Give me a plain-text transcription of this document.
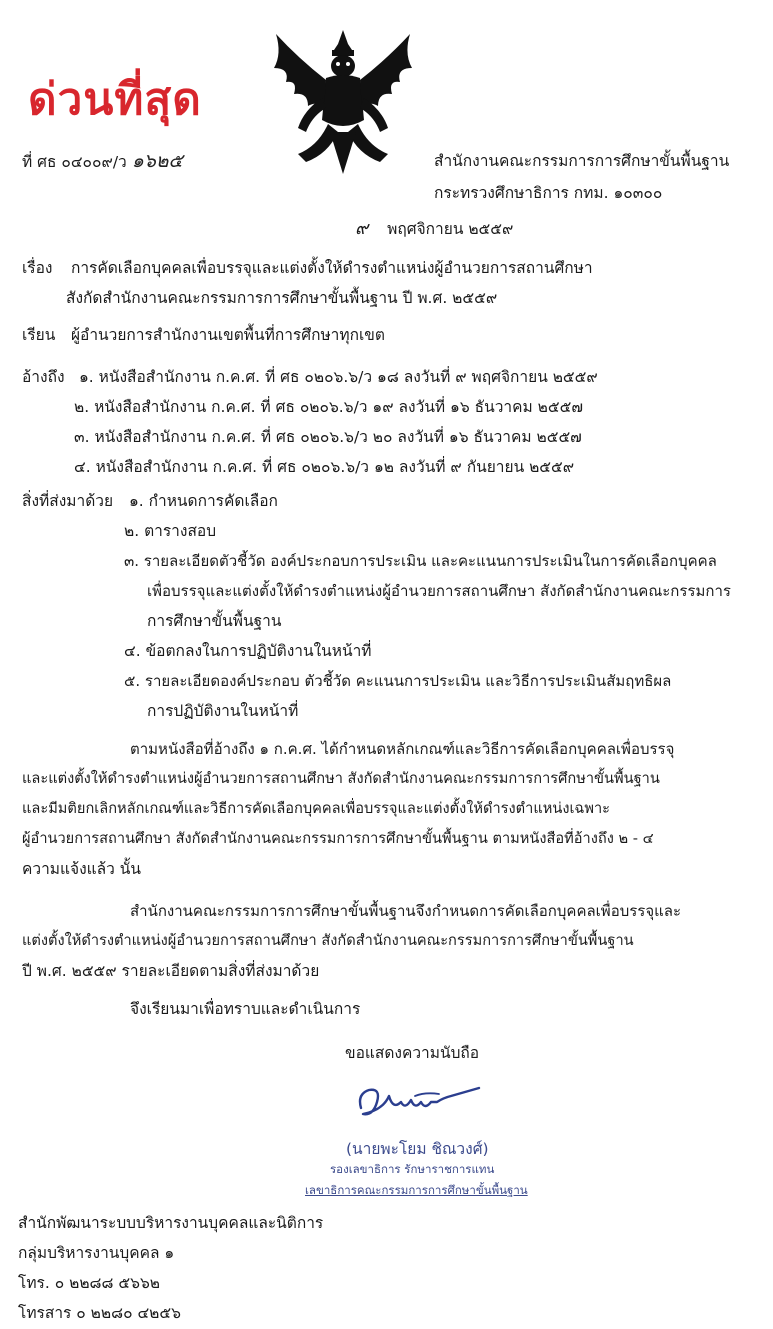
ด่วนที่สุด
ที่ ศธ ๐๔๐๐๙/ว ๑๖๒๕	สำนักงานคณะกรรมการการศึกษาขั้นพื้นฐาน
กระทรวงศึกษาธิการ กทม. ๑๐๓๐๐
๙ พฤศจิกายน ๒๕๕๙
เรื่อง การคัดเลือกบุคคลเพื่อบรรจุและแต่งตั้งให้ดำรงตำแหน่งผู้อำนวยการสถานศึกษา
สังกัดสำนักงานคณะกรรมการการศึกษาขั้นพื้นฐาน ปี พ.ศ. ๒๕๕๙
เรียน ผู้อำนวยการสำนักงานเขตพื้นที่การศึกษาทุกเขต
อ้างถึง ๑. หนังสือสำนักงาน ก.ค.ศ. ที่ ศธ ๐๒๐๖.๖/ว ๑๘ ลงวันที่ ๙ พฤศจิกายน ๒๕๕๙
๒. หนังสือสำนักงาน ก.ค.ศ. ที่ ศธ ๐๒๐๖.๖/ว ๑๙ ลงวันที่ ๑๖ ธันวาคม ๒๕๕๗
๓. หนังสือสำนักงาน ก.ค.ศ. ที่ ศธ ๐๒๐๖.๖/ว ๒๐ ลงวันที่ ๑๖ ธันวาคม ๒๕๕๗
๔. หนังสือสำนักงาน ก.ค.ศ. ที่ ศธ ๐๒๐๖.๖/ว ๑๒ ลงวันที่ ๙ กันยายน ๒๕๕๙
สิ่งที่ส่งมาด้วย ๑. กำหนดการคัดเลือก
๒. ตารางสอบ
๓. รายละเอียดตัวชี้วัด องค์ประกอบการประเมิน และคะแนนการประเมินในการคัดเลือกบุคคล
เพื่อบรรจุและแต่งตั้งให้ดำรงตำแหน่งผู้อำนวยการสถานศึกษา สังกัดสำนักงานคณะกรรมการ
การศึกษาขั้นพื้นฐาน
๔. ข้อตกลงในการปฏิบัติงานในหน้าที่
๕. รายละเอียดองค์ประกอบ ตัวชี้วัด คะแนนการประเมิน และวิธีการประเมินสัมฤทธิผล
การปฏิบัติงานในหน้าที่
ตามหนังสือที่อ้างถึง ๑ ก.ค.ศ. ได้กำหนดหลักเกณฑ์และวิธีการคัดเลือกบุคคลเพื่อบรรจุ
และแต่งตั้งให้ดำรงตำแหน่งผู้อำนวยการสถานศึกษา สังกัดสำนักงานคณะกรรมการการศึกษาขั้นพื้นฐาน
และมีมติยกเลิกหลักเกณฑ์และวิธีการคัดเลือกบุคคลเพื่อบรรจุและแต่งตั้งให้ดำรงตำแหน่งเฉพาะ
ผู้อำนวยการสถานศึกษา สังกัดสำนักงานคณะกรรมการการศึกษาขั้นพื้นฐาน ตามหนังสือที่อ้างถึง ๒ - ๔
ความแจ้งแล้ว นั้น
สำนักงานคณะกรรมการการศึกษาขั้นพื้นฐานจึงกำหนดการคัดเลือกบุคคลเพื่อบรรจุและ
แต่งตั้งให้ดำรงตำแหน่งผู้อำนวยการสถานศึกษา สังกัดสำนักงานคณะกรรมการการศึกษาขั้นพื้นฐาน
ปี พ.ศ. ๒๕๕๙ รายละเอียดตามสิ่งที่ส่งมาด้วย
จึงเรียนมาเพื่อทราบและดำเนินการ
ขอแสดงความนับถือ
(นายพะโยม ชิณวงศ์)
รองเลขาธิการ รักษาราชการแทน
เลขาธิการคณะกรรมการการศึกษาขั้นพื้นฐาน
สำนักพัฒนาระบบบริหารงานบุคคลและนิติการ
กลุ่มบริหารงานบุคคล ๑
โทร. ๐ ๒๒๘๘ ๕๖๖๒
โทรสาร ๐ ๒๒๘๐ ๔๒๕๖
